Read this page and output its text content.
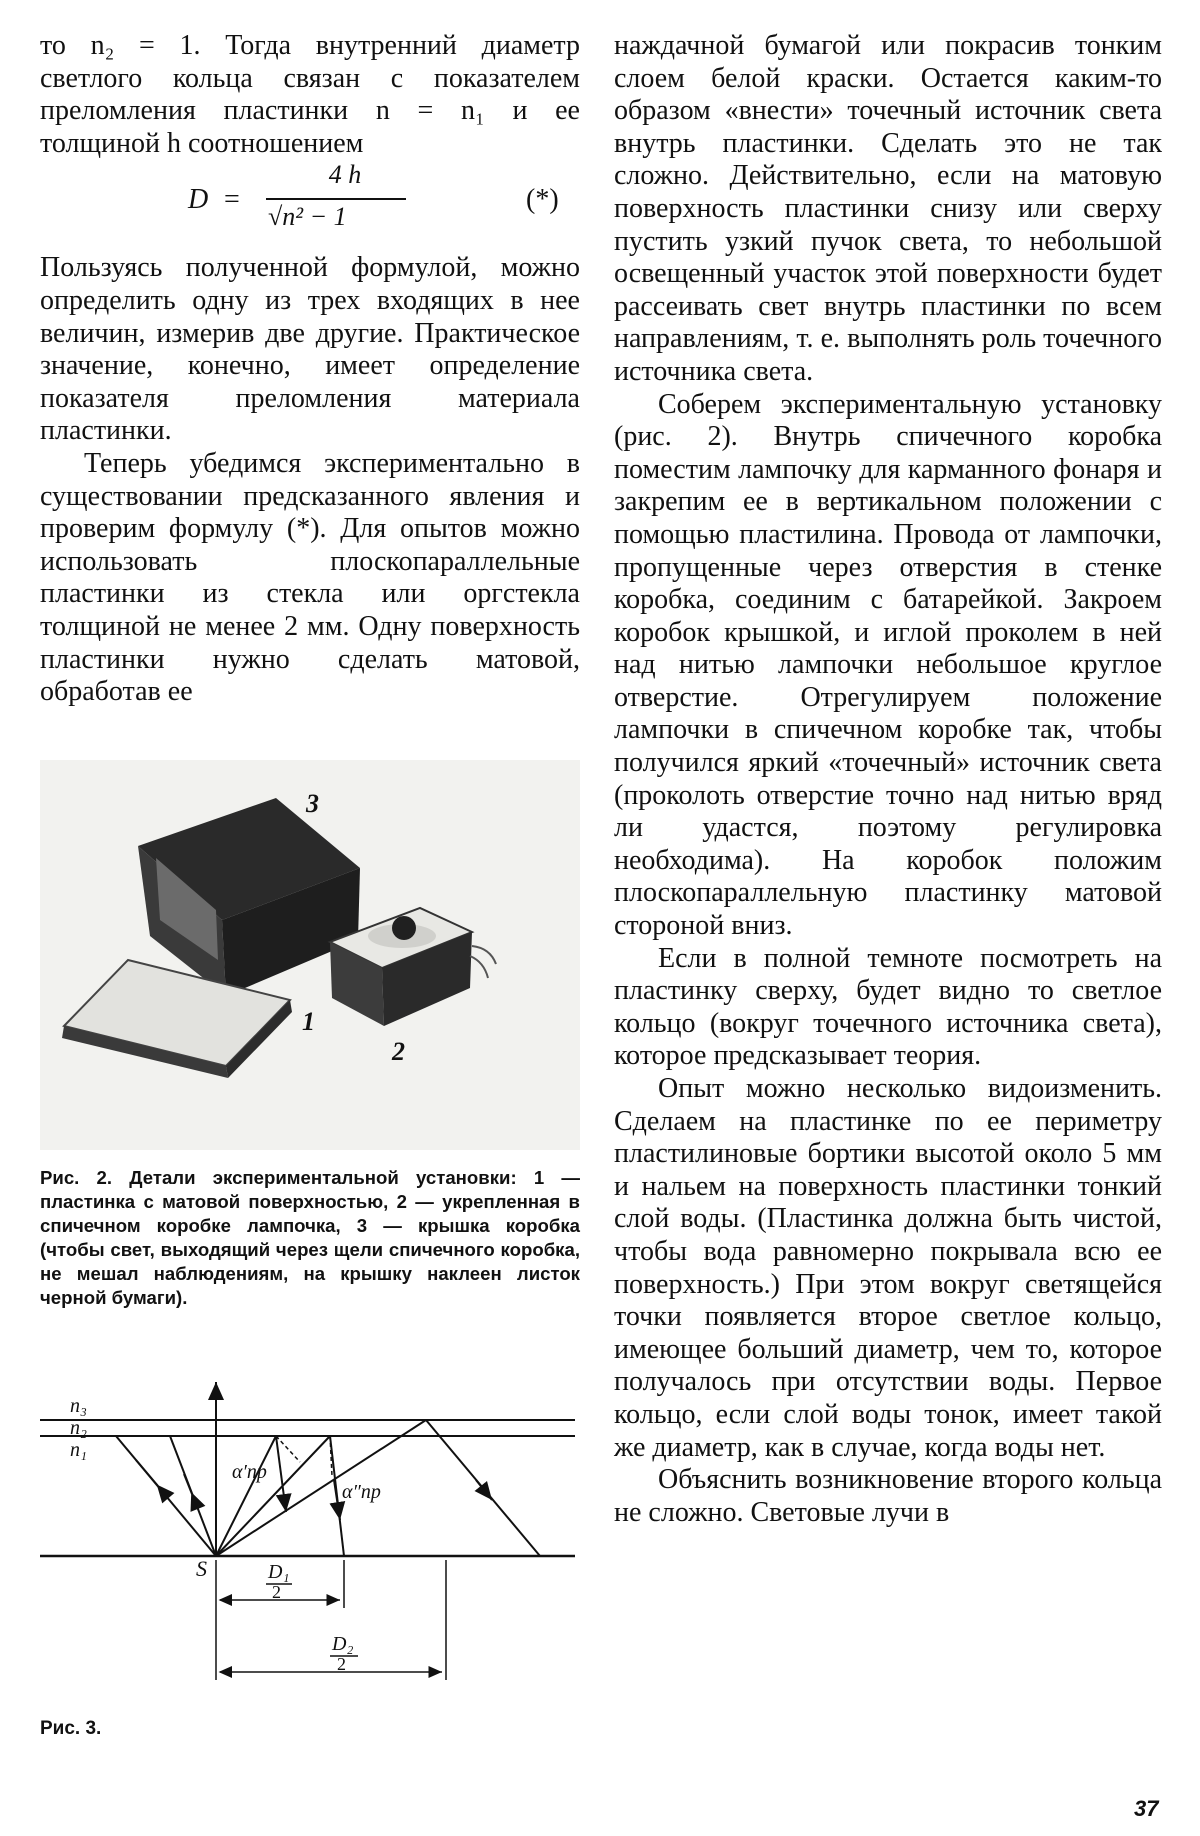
то n₂ = 1. Тогда внутренний диаметр светлого кольца связан с показателем преломления пластинки n = n₁ и ее толщиной h соотношением

D =
4 h
√n² − 1
(*)

Пользуясь полученной формулой, можно определить одну из трех входящих в нее величин, измерив две другие. Практическое значение, конечно, имеет определение показателя преломления материала пластинки.

Теперь убедимся экспериментально в существовании предсказанного явления и проверим формулу (*). Для опытов можно использовать плоскопараллельные пластинки из стекла или оргстекла толщиной не менее 2 мм. Одну поверхность пластинки нужно сделать матовой, обработав ее

3
2
1

Рис. 2. Детали экспериментальной установки: 1 — пластинка с матовой поверхностью, 2 — укрепленная в спичечном коробке лампочка, 3 — крышка коробка (чтобы свет, выходящий через щели спичечного коробка, не мешал наблюдениям, на крышку наклеен листок черной бумаги).

n₃
n₂
n₁
α′пр
α″пр
S	D₁
2
D₂
2

Рис. 3.

наждачной бумагой или покрасив тонким слоем белой краски. Остается каким-то образом «внести» точечный источник света внутрь пластинки. Сделать это не так сложно. Действительно, если на матовую поверхность пластинки снизу или сверху пустить узкий пучок света, то небольшой освещенный участок этой поверхности будет рассеивать свет внутрь пластинки по всем направлениям, т. е. выполнять роль точечного источника света.

Соберем экспериментальную установку (рис. 2). Внутрь спичечного коробка поместим лампочку для карманного фонаря и закрепим ее в вертикальном положении с помощью пластилина. Провода от лампочки, пропущенные через отверстия в стенке коробка, соединим с батарейкой. Закроем коробок крышкой, и иглой проколем в ней над нитью лампочки небольшое круглое отверстие. Отрегулируем положение лампочки в спичечном коробке так, чтобы получился яркий «точечный» источник света (проколоть отверстие точно над нитью вряд ли удастся, поэтому регулировка необходима). На коробок положим плоскопараллельную пластинку матовой стороной вниз.

Если в полной темноте посмотреть на пластинку сверху, будет видно то светлое кольцо (вокруг точечного источника света), которое предсказывает теория.

Опыт можно несколько видоизменить. Сделаем на пластинке по ее периметру пластилиновые бортики высотой около 5 мм и нальем на поверхность пластинки тонкий слой воды. (Пластинка должна быть чистой, чтобы вода равномерно покрывала всю ее поверхность.) При этом вокруг светящейся точки появляется второе светлое кольцо, имеющее больший диаметр, чем то, которое получалось при отсутствии воды. Первое кольцо, если слой воды тонок, имеет такой же диаметр, как в случае, когда воды нет.

Объяснить возникновение второго кольца не сложно. Световые лучи в

37
